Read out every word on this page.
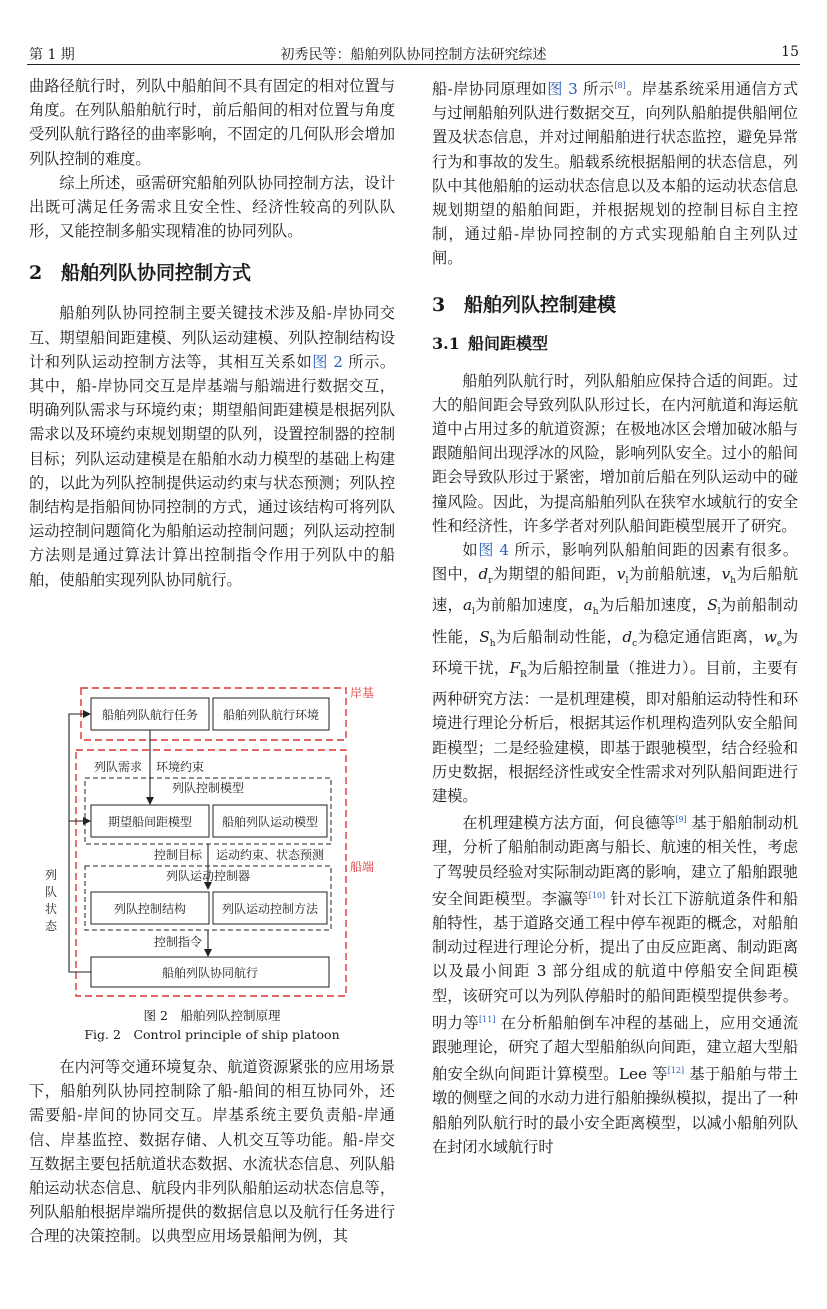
第 1 期	初秀民等：船舶列队协同控制方法研究综述	15

曲路径航行时，列队中船舶间不具有固定的相对位置与角度。在列队船舶航行时，前后船间的相对位置与角度受列队航行路径的曲率影响，不固定的几何队形会增加列队控制的难度。

综上所述，亟需研究船舶列队协同控制方法，设计出既可满足任务需求且安全性、经济性较高的列队队形，又能控制多船实现精准的协同列队。

2 船舶列队协同控制方式

船舶列队协同控制主要关键技术涉及船-岸协同交互、期望船间距建模、列队运动建模、列队控制结构设计和列队运动控制方法等，其相互关系如图 2 所示。其中，船-岸协同交互是岸基端与船端进行数据交互，明确列队需求与环境约束；期望船间距建模是根据列队需求以及环境约束规划期望的队列，设置控制器的控制目标；列队运动建模是在船舶水动力模型的基础上构建的，以此为列队控制提供运动约束与状态预测；列队控制结构是指船间协同控制的方式，通过该结构可将列队运动控制问题简化为船舶运动控制问题；列队运动控制方法则是通过算法计算出控制指令作用于列队中的船舶，使船舶实现列队协同航行。

岸基
船舶列队航行任务 船舶列队航行环境
船端
列队需求 环境约束
列队控制模型
期望船间距模型 船舶列队运动模型
控制目标 运动约束、状态预测
列队运动控制器
列队控制结构	列队运动控制方法
控制指令
船舶列队协同航行
列
队
状
态
图 2　船舶列队控制原理
Fig. 2　Control principle of ship platoon

在内河等交通环境复杂、航道资源紧张的应用场景下，船舶列队协同控制除了船-船间的相互协同外，还需要船-岸间的协同交互。岸基系统主要负责船-岸通信、岸基监控、数据存储、人机交互等功能。船-岸交互数据主要包括航道状态数据、水流状态信息、列队船舶运动状态信息、航段内非列队船舶运动状态信息等，列队船舶根据岸端所提供的数据信息以及航行任务进行合理的决策控制。以典型应用场景船闸为例，其

船-岸协同原理如图 3 所示[8]。岸基系统采用通信方式与过闸船舶列队进行数据交互，向列队船舶提供船闸位置及状态信息，并对过闸船舶进行状态监控，避免异常行为和事故的发生。船载系统根据船闸的状态信息，列队中其他船舶的运动状态信息以及本船的运动状态信息规划期望的船舶间距，并根据规划的控制目标自主控制，通过船-岸协同控制的方式实现船舶自主列队过闸。

3 船舶列队控制建模
3.1 船间距模型

船舶列队航行时，列队船舶应保持合适的间距。过大的船间距会导致列队队形过长，在内河航道和海运航道中占用过多的航道资源；在极地冰区会增加破冰船与跟随船间出现浮冰的风险，影响列队安全。过小的船间距会导致队形过于紧密，增加前后船在列队运动中的碰撞风险。因此，为提高船舶列队在狭窄水域航行的安全性和经济性，许多学者对列队船间距模型展开了研究。

如图 4 所示，影响列队船舶间距的因素有很多。图中，$d_r$为期望的船间距，$v_l$为前船航速，$v_h$为后船航速，$a_l$为前船加速度，$a_h$为后船加速度，$S_l$为前船制动性能，$S_h$为后船制动性能，$d_c$为稳定通信距离，$w_e$为环境干扰，$F_R$为后船控制量（推进力）。目前，主要有两种研究方法：一是机理建模，即对船舶运动特性和环境进行理论分析后，根据其运作机理构造列队安全船间距模型；二是经验建模，即基于跟驰模型，结合经验和历史数据，根据经济性或安全性需求对列队船间距进行建模。

在机理建模方法方面，何良德等[9] 基于船舶制动机理，分析了船舶制动距离与船长、航速的相关性，考虑了驾驶员经验对实际制动距离的影响，建立了船舶跟驰安全间距模型。李瀛等[10] 针对长江下游航道条件和船舶特性，基于道路交通工程中停车视距的概念，对船舶制动过程进行理论分析，提出了由反应距离、制动距离以及最小间距 3 部分组成的航道中停船安全间距模型，该研究可以为列队停船时的船间距模型提供参考。明力等[11] 在分析船舶倒车冲程的基础上，应用交通流跟驰理论，研究了超大型船舶纵向间距，建立超大型船舶安全纵向间距计算模型。Lee 等[12] 基于船舶与带土墩的侧壁之间的水动力进行船舶操纵模拟，提出了一种船舶列队航行时的最小安全距离模型，以减小船舶列队在封闭水域航行时
